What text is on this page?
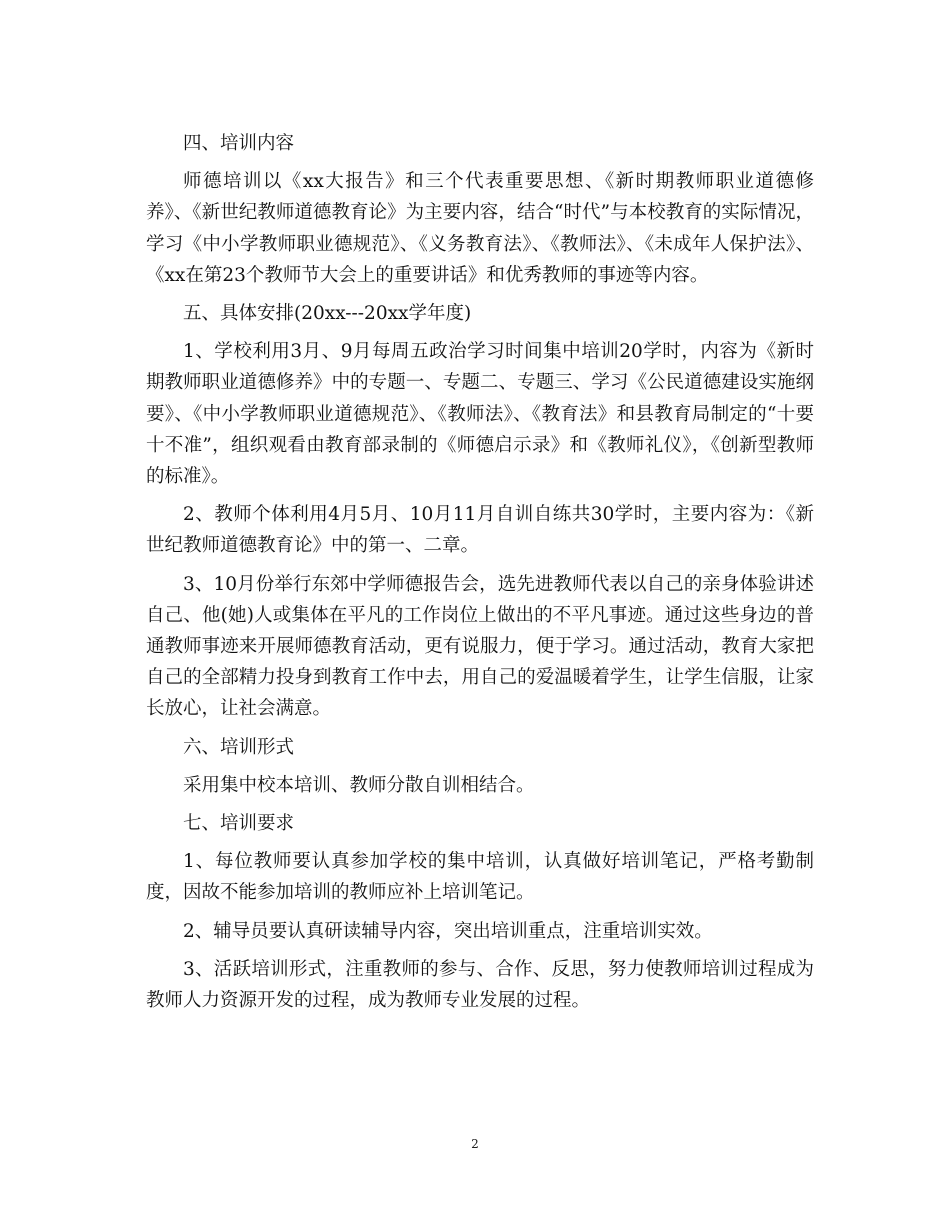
四、培训内容

师德培训以《xx大报告》和三个代表重要思想、《新时期教师职业道德修养》、《新世纪教师道德教育论》为主要内容，结合“时代”与本校教育的实际情况，学习《中小学教师职业德规范》、《义务教育法》、《教师法》、《未成年人保护法》、《xx在第23个教师节大会上的重要讲话》和优秀教师的事迹等内容。

五、具体安排(20xx---20xx学年度)

1、学校利用3月、9月每周五政治学习时间集中培训20学时，内容为《新时期教师职业道德修养》中的专题一、专题二、专题三、学习《公民道德建设实施纲要》、《中小学教师职业道德规范》、《教师法》、《教育法》和县教育局制定的“十要十不准”，组织观看由教育部录制的《师德启示录》和《教师礼仪》，《创新型教师的标准》。

2、教师个体利用4月5月、10月11月自训自练共30学时，主要内容为：《新世纪教师道德教育论》中的第一、二章。

3、10月份举行东郊中学师德报告会，选先进教师代表以自己的亲身体验讲述自己、他(她)人或集体在平凡的工作岗位上做出的不平凡事迹。通过这些身边的普通教师事迹来开展师德教育活动，更有说服力，便于学习。通过活动，教育大家把自己的全部精力投身到教育工作中去，用自己的爱温暖着学生，让学生信服，让家长放心，让社会满意。

六、培训形式

采用集中校本培训、教师分散自训相结合。

七、培训要求

1、每位教师要认真参加学校的集中培训，认真做好培训笔记，严格考勤制度，因故不能参加培训的教师应补上培训笔记。

2、辅导员要认真研读辅导内容，突出培训重点，注重培训实效。

3、活跃培训形式，注重教师的参与、合作、反思，努力使教师培训过程成为教师人力资源开发的过程，成为教师专业发展的过程。

2
